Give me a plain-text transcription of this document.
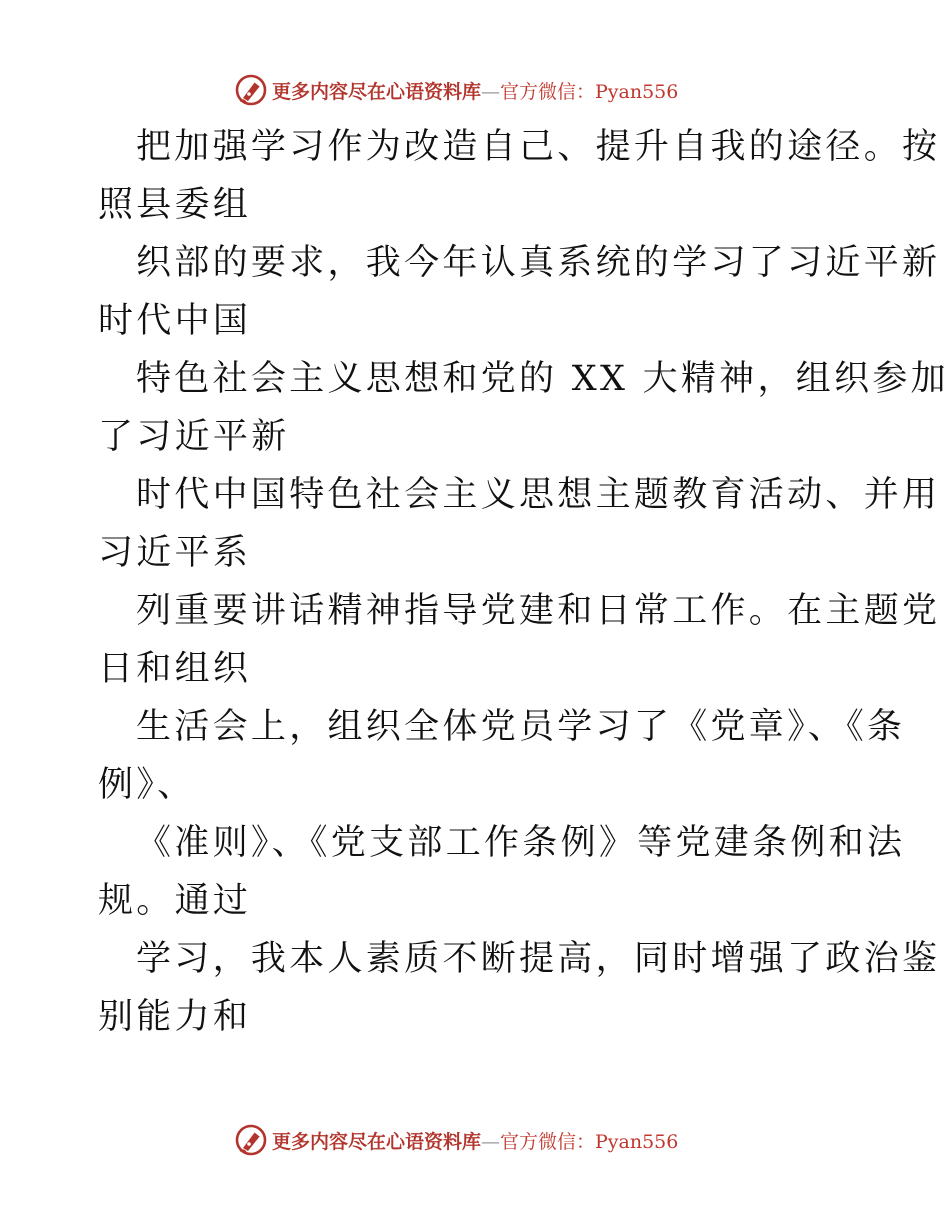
更多内容尽在心语资料库—官方微信：Pyan556
把加强学习作为改造自己、提升自我的途径。按
照县委组
织部的要求，我今年认真系统的学习了习近平新
时代中国
特色社会主义思想和党的 XX 大精神，组织参加
了习近平新
时代中国特色社会主义思想主题教育活动、并用
习近平系
列重要讲话精神指导党建和日常工作。在主题党
日和组织
生活会上，组织全体党员学习了《党章》、《条
例》、
《准则》、《党支部工作条例》等党建条例和法
规。通过
学习，我本人素质不断提高，同时增强了政治鉴
别能力和
更多内容尽在心语资料库—官方微信：Pyan556
